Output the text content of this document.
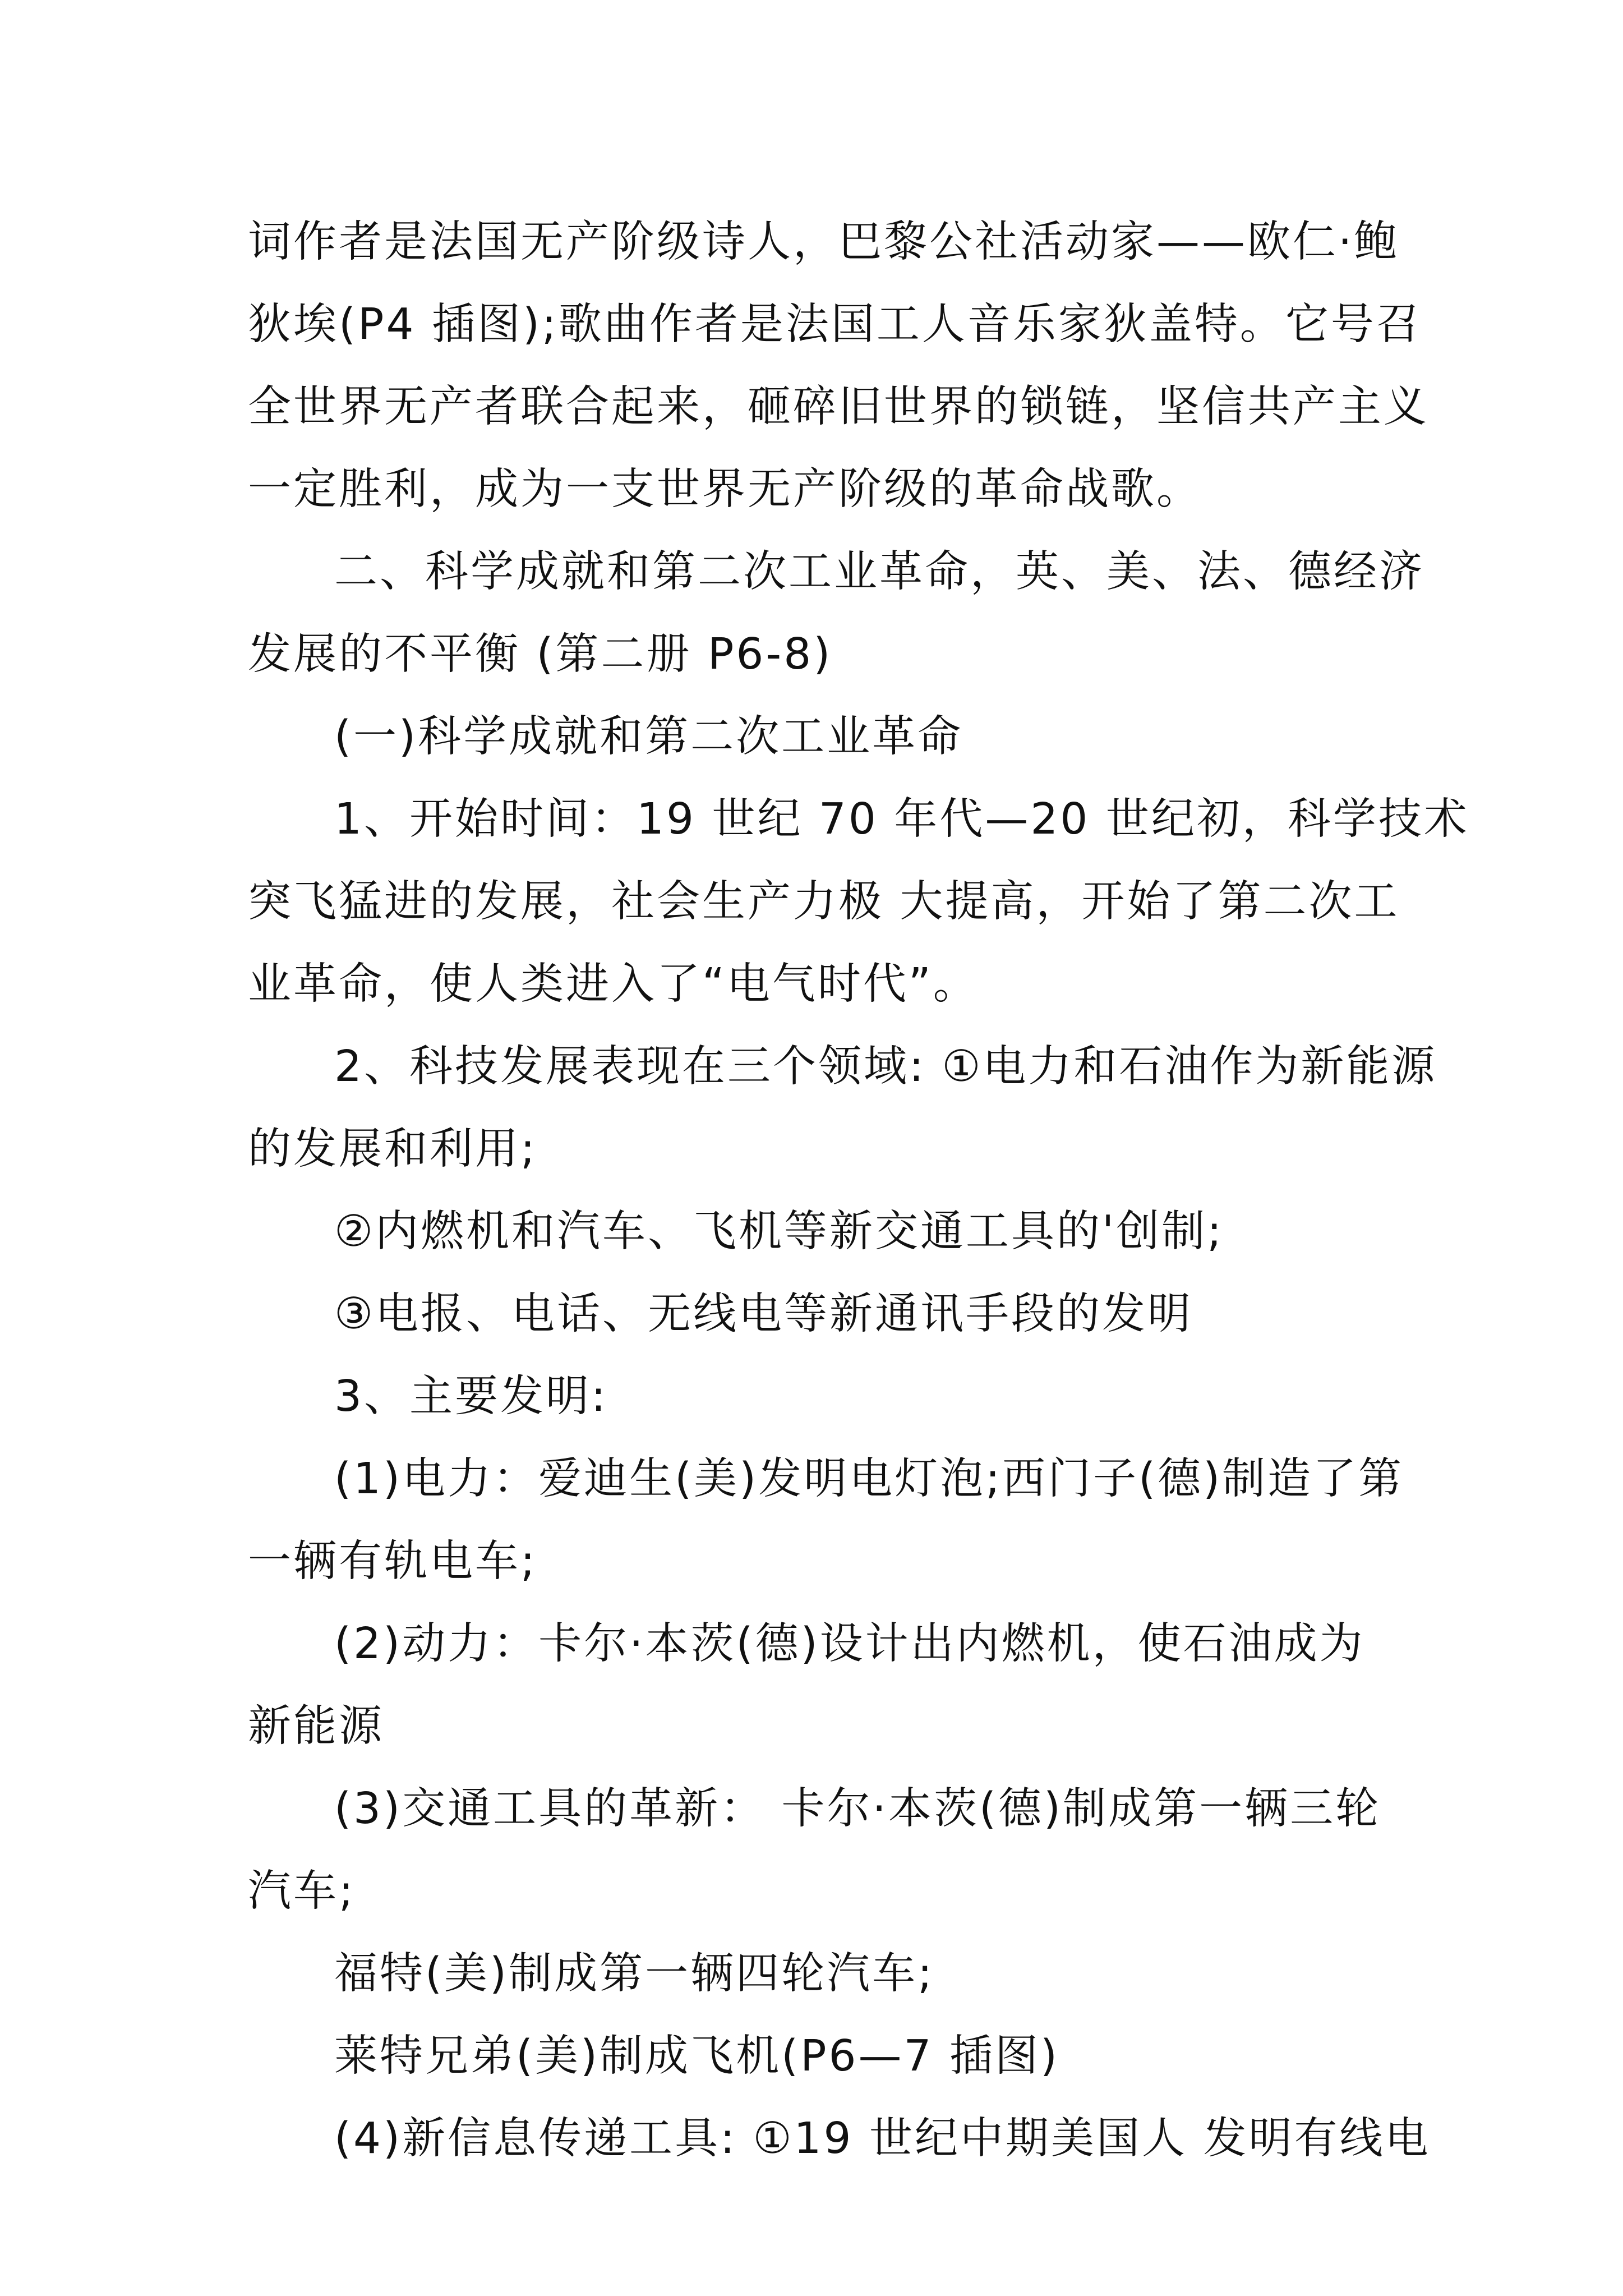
词作者是法国无产阶级诗人，巴黎公社活动家——欧仁·鲍
狄埃(P4 插图);歌曲作者是法国工人音乐家狄盖特。它号召
全世界无产者联合起来，砸碎旧世界的锁链，坚信共产主义
一定胜利，成为一支世界无产阶级的革命战歌。
二、科学成就和第二次工业革命，英、美、法、德经济
发展的不平衡 (第二册 P6-8)
(一)科学成就和第二次工业革命
1、开始时间：19 世纪 70 年代—20 世纪初，科学技术
突飞猛进的发展，社会生产力极 大提高，开始了第二次工
业革命，使人类进入了“电气时代”。
2、科技发展表现在三个领域: ①电力和石油作为新能源
的发展和利用;
②内燃机和汽车、飞机等新交通工具的'创制;
③电报、电话、无线电等新通讯手段的发明
3、主要发明:
(1)电力：爱迪生(美)发明电灯泡;西门子(德)制造了第
一辆有轨电车;
(2)动力：卡尔·本茨(德)设计出内燃机，使石油成为
新能源
(3)交通工具的革新： 卡尔·本茨(德)制成第一辆三轮
汽车;
福特(美)制成第一辆四轮汽车;
莱特兄弟(美)制成飞机(P6—7 插图)
(4)新信息传递工具: ①19 世纪中期美国人 发明有线电
